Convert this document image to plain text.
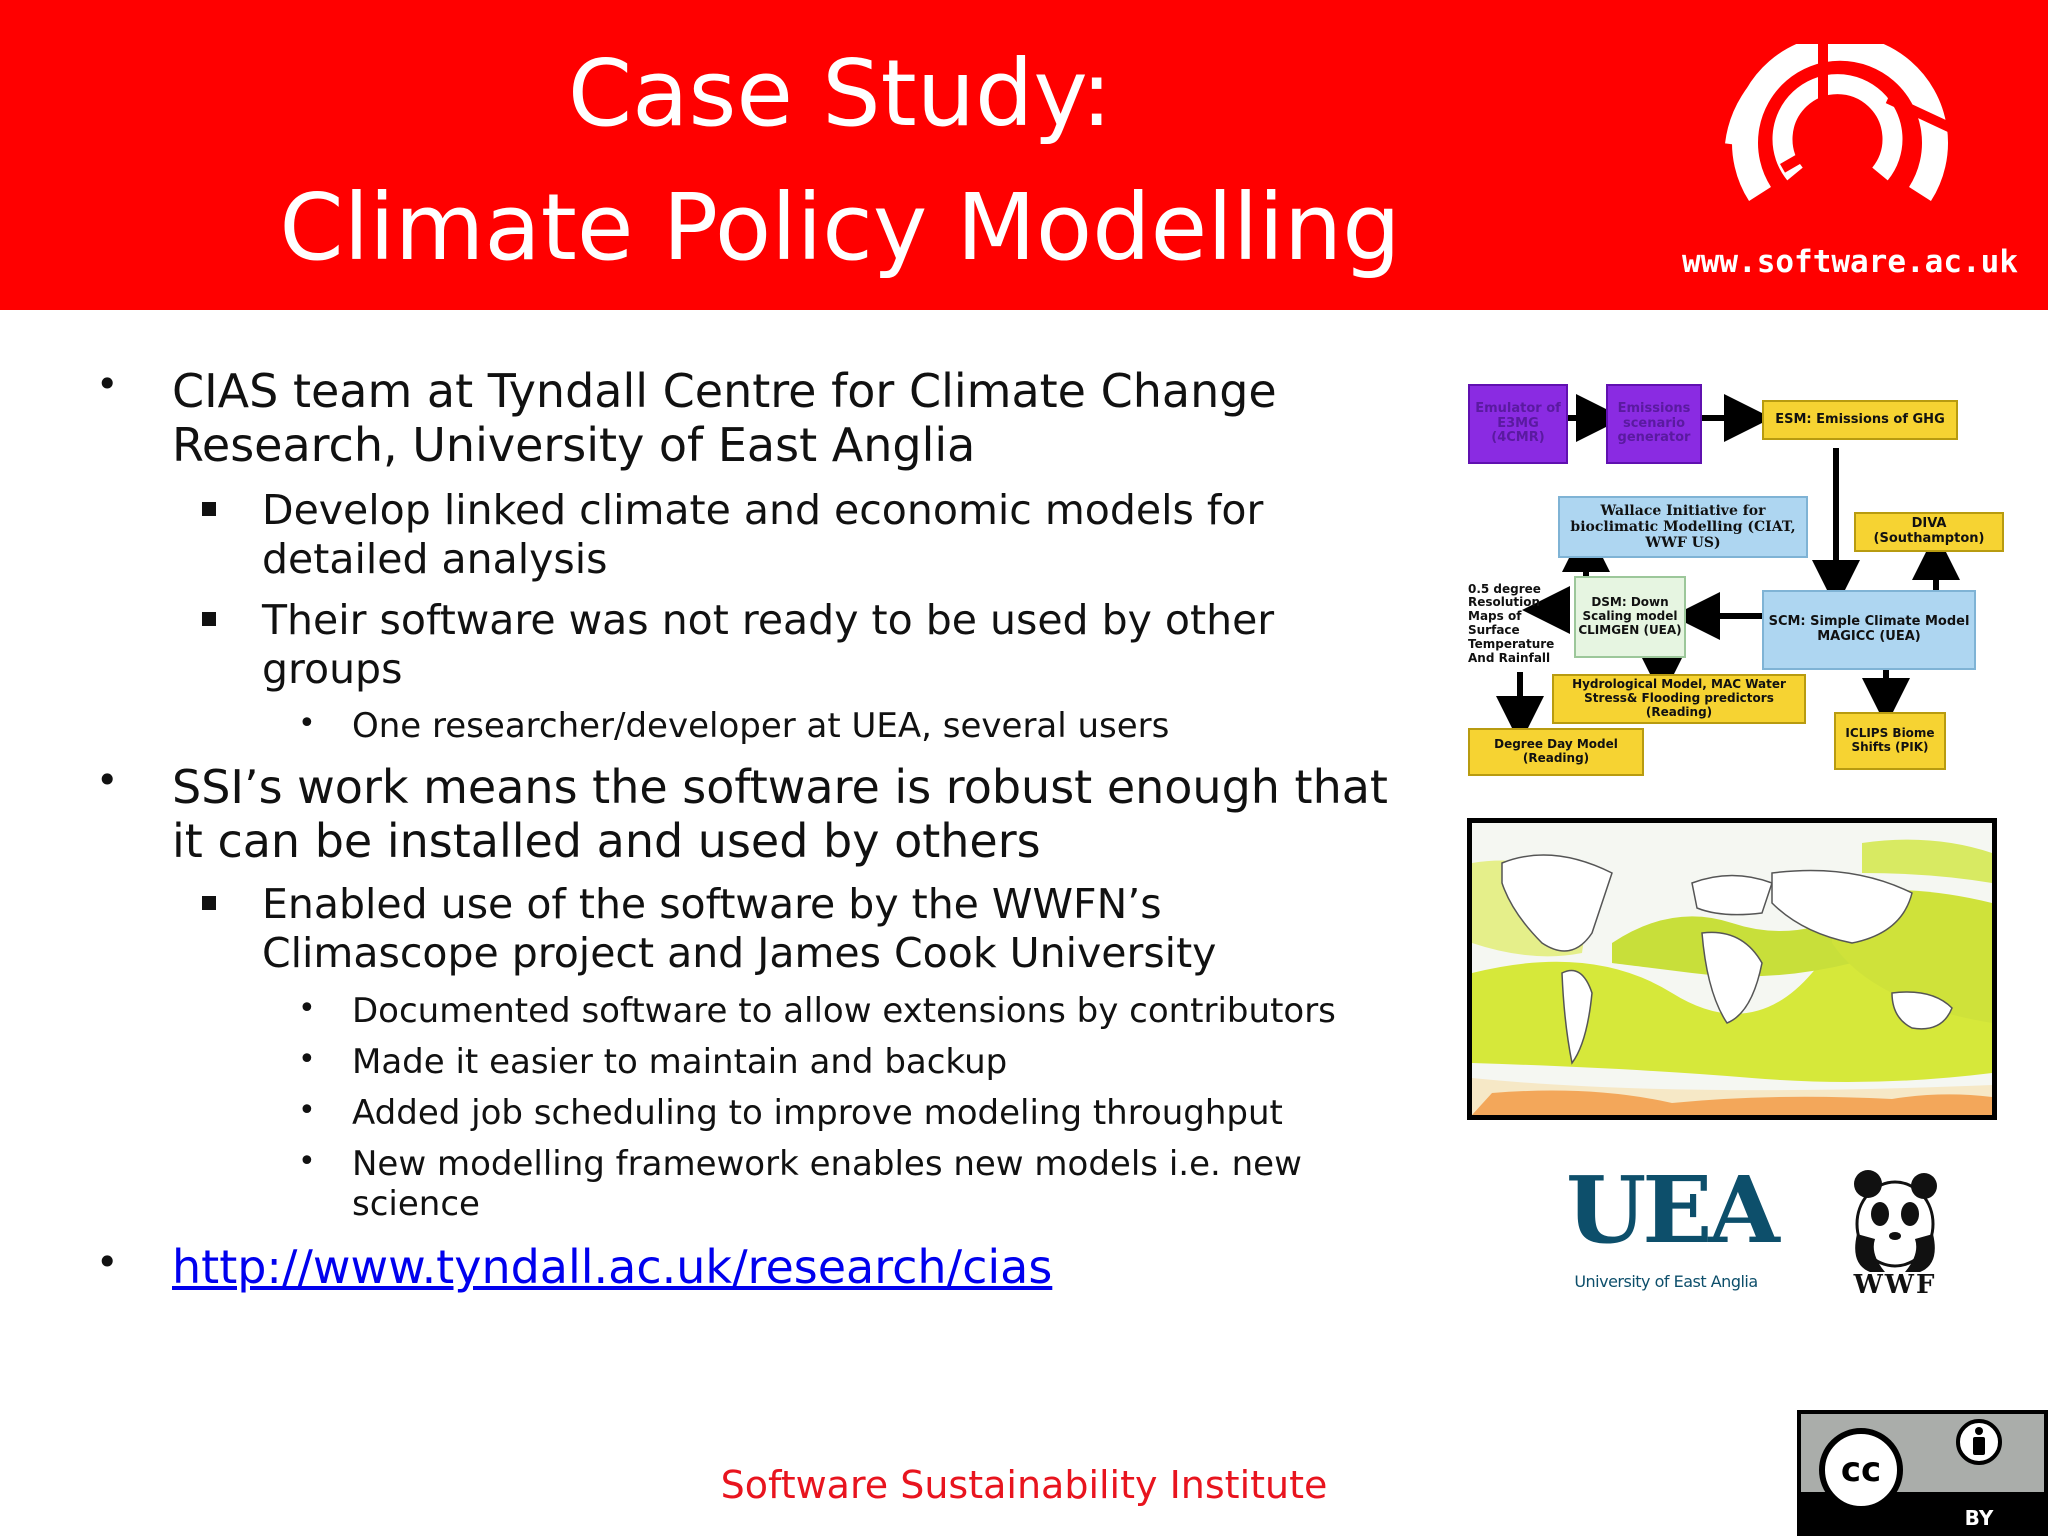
Case Study:
Climate Policy Modelling	www.software.ac.uk
• CIAS team at Tyndall Centre for Climate Change Research, University of East Anglia
Develop linked climate and economic models for detailed analysis
Their software was not ready to be used by other groups
• One researcher/developer at UEA, several users
• SSI’s work means the software is robust enough that it can be installed and used by others
Enabled use of the software by the WWFN’s Climascope project and James Cook University
• Documented software to allow extensions by contributors
• Made it easier to maintain and backup
• Added job scheduling to improve modeling throughput
• New modelling framework enables new models i.e. new science
• http://www.tyndall.ac.uk/research/cias
Emulator of E3MG (4CMR)
Emissions scenario generator
ESM: Emissions of GHG
Wallace Initiative for bioclimatic Modelling (CIAT, WWF US)
DIVA (Southampton)
0.5 degree Resolution Maps of Surface Temperature And Rainfall
DSM: Down Scaling model CLIMGEN (UEA)
SCM: Simple Climate Model MAGICC (UEA)
Hydrological Model, MAC Water Stress& Flooding predictors (Reading)
Degree Day Model (Reading)
ICLIPS Biome Shifts (PIK)
UEA
University of East Anglia	WWF
Software Sustainability Institute	cc
BY
